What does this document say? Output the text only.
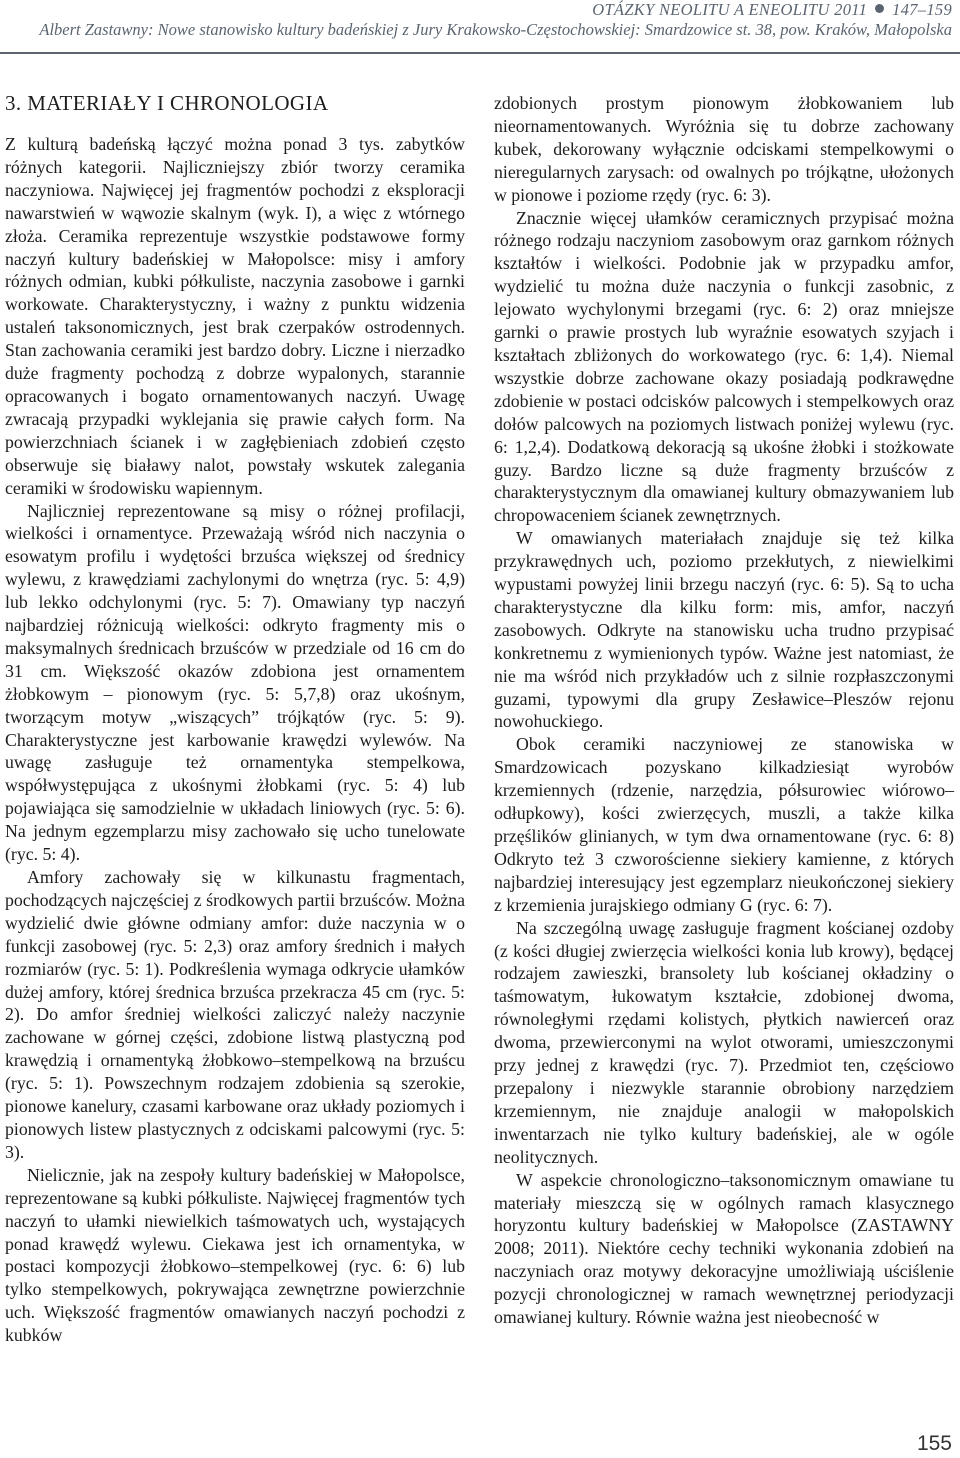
OTÁZKY NEOLITU A ENEOLITU 2011 147–159
Albert Zastawny: Nowe stanowisko kultury badeńskiej z Jury Krakowsko-Częstochowskiej: Smardzowice st. 38, pow. Kraków, Małopolska
3. MATERIAŁY I CHRONOLOGIA

Z kulturą badeńską łączyć można ponad 3 tys. zabytków różnych kategorii. Najliczniejszy zbiór tworzy ceramika naczyniowa. Najwięcej jej fragmentów pochodzi z eksploracji nawarstwień w wąwozie skalnym (wyk. I), a więc z wtórnego złoża. Ceramika reprezentuje wszystkie podstawowe formy naczyń kultury badeńskiej w Małopolsce: misy i amfory różnych odmian, kubki półkuliste, naczynia zasobowe i garnki workowate. Charakterystyczny, i ważny z punktu widzenia ustaleń taksonomicznych, jest brak czerpaków ostrodennych. Stan zachowania ceramiki jest bardzo dobry. Liczne i nierzadko duże fragmenty pochodzą z dobrze wypalonych, starannie opracowanych i bogato ornamentowanych naczyń. Uwagę zwracają przypadki wyklejania się prawie całych form. Na powierzchniach ścianek i w zagłębieniach zdobień często obserwuje się białawy nalot, powstały wskutek zalegania ceramiki w środowisku wapiennym.

Najliczniej reprezentowane są misy o różnej profilacji, wielkości i ornamentyce. Przeważają wśród nich naczynia o esowatym profilu i wydętości brzuśca większej od średnicy wylewu, z krawędziami zachylonymi do wnętrza (ryc. 5: 4,9) lub lekko odchylonymi (ryc. 5: 7). Omawiany typ naczyń najbardziej różnicują wielkości: odkryto fragmenty mis o maksymalnych średnicach brzuśców w przedziale od 16 cm do 31 cm. Większość okazów zdobiona jest ornamentem żłobkowym – pionowym (ryc. 5: 5,7,8) oraz ukośnym, tworzącym motyw „wiszących” trójkątów (ryc. 5: 9). Charakterystyczne jest karbowanie krawędzi wylewów. Na uwagę zasługuje też ornamentyka stempelkowa, współwystępująca z ukośnymi żłobkami (ryc. 5: 4) lub pojawiająca się samodzielnie w układach liniowych (ryc. 5: 6). Na jednym egzemplarzu misy zachowało się ucho tunelowate (ryc. 5: 4).

Amfory zachowały się w kilkunastu fragmentach, pochodzących najczęściej z środkowych partii brzuśców. Można wydzielić dwie główne odmiany amfor: duże naczynia w o funkcji zasobowej (ryc. 5: 2,3) oraz amfory średnich i małych rozmiarów (ryc. 5: 1). Podkreślenia wymaga odkrycie ułamków dużej amfory, której średnica brzuśca przekracza 45 cm (ryc. 5: 2). Do amfor średniej wielkości zaliczyć należy naczynie zachowane w górnej części, zdobione listwą plastyczną pod krawędzią i ornamentyką żłobkowo–stempelkową na brzuścu (ryc. 5: 1). Powszechnym rodzajem zdobienia są szerokie, pionowe kanelury, czasami karbowane oraz układy poziomych i pionowych listew plastycznych z odciskami palcowymi (ryc. 5: 3).

Nielicznie, jak na zespoły kultury badeńskiej w Małopolsce, reprezentowane są kubki półkuliste. Najwięcej fragmentów tych naczyń to ułamki niewielkich taśmowatych uch, wystających ponad krawędź wylewu. Ciekawa jest ich ornamentyka, w postaci kompozycji żłobkowo–stempelkowej (ryc. 6: 6) lub tylko stempelkowych, pokrywająca zewnętrzne powierzchnie uch. Większość fragmentów omawianych naczyń pochodzi z kubków

zdobionych prostym pionowym żłobkowaniem lub nieornamentowanych. Wyróżnia się tu dobrze zachowany kubek, dekorowany wyłącznie odciskami stempelkowymi o nieregularnych zarysach: od owalnych po trójkątne, ułożonych w pionowe i poziome rzędy (ryc. 6: 3).

Znacznie więcej ułamków ceramicznych przypisać można różnego rodzaju naczyniom zasobowym oraz garnkom różnych kształtów i wielkości. Podobnie jak w przypadku amfor, wydzielić tu można duże naczynia o funkcji zasobnic, z lejowato wychylonymi brzegami (ryc. 6: 2) oraz mniejsze garnki o prawie prostych lub wyraźnie esowatych szyjach i kształtach zbliżonych do workowatego (ryc. 6: 1,4). Niemal wszystkie dobrze zachowane okazy posiadają podkrawędne zdobienie w postaci odcisków palcowych i stempelkowych oraz dołów palcowych na poziomych listwach poniżej wylewu (ryc. 6: 1,2,4). Dodatkową dekoracją są ukośne żłobki i stożkowate guzy. Bardzo liczne są duże fragmenty brzuśców z charakterystycznym dla omawianej kultury obmazywaniem lub chropowaceniem ścianek zewnętrznych.

W omawianych materiałach znajduje się też kilka przykrawędnych uch, poziomo przekłutych, z niewielkimi wypustami powyżej linii brzegu naczyń (ryc. 6: 5). Są to ucha charakterystyczne dla kilku form: mis, amfor, naczyń zasobowych. Odkryte na stanowisku ucha trudno przypisać konkretnemu z wymienionych typów. Ważne jest natomiast, że nie ma wśród nich przykładów uch z silnie rozpłaszczonymi guzami, typowymi dla grupy Zesławice–Pleszów rejonu nowohuckiego.

Obok ceramiki naczyniowej ze stanowiska w Smardzowicach pozyskano kilkadziesiąt wyrobów krzemiennych (rdzenie, narzędzia, półsurowiec wiórowo–odłupkowy), kości zwierzęcych, muszli, a także kilka przęślików glinianych, w tym dwa ornamentowane (ryc. 6: 8) Odkryto też 3 czworościenne siekiery kamienne, z których najbardziej interesujący jest egzemplarz nieukończonej siekiery z krzemienia jurajskiego odmiany G (ryc. 6: 7).

Na szczególną uwagę zasługuje fragment kościanej ozdoby (z kości długiej zwierzęcia wielkości konia lub krowy), będącej rodzajem zawieszki, bransolety lub kościanej okładziny o taśmowatym, łukowatym kształcie, zdobionej dwoma, równoległymi rzędami kolistych, płytkich nawierceń oraz dwoma, przewierconymi na wylot otworami, umieszczonymi przy jednej z krawędzi (ryc. 7). Przedmiot ten, częściowo przepalony i niezwykle starannie obrobiony narzędziem krzemiennym, nie znajduje analogii w małopolskich inwentarzach nie tylko kultury badeńskiej, ale w ogóle neolitycznych.

W aspekcie chronologiczno–taksonomicznym omawiane tu materiały mieszczą się w ogólnych ramach klasycznego horyzontu kultury badeńskiej w Małopolsce (ZASTAWNY 2008; 2011). Niektóre cechy techniki wykonania zdobień na naczyniach oraz motywy dekoracyjne umożliwiają uściślenie pozycji chronologicznej w ramach wewnętrznej periodyzacji omawianej kultury. Równie ważna jest nieobecność w

155
